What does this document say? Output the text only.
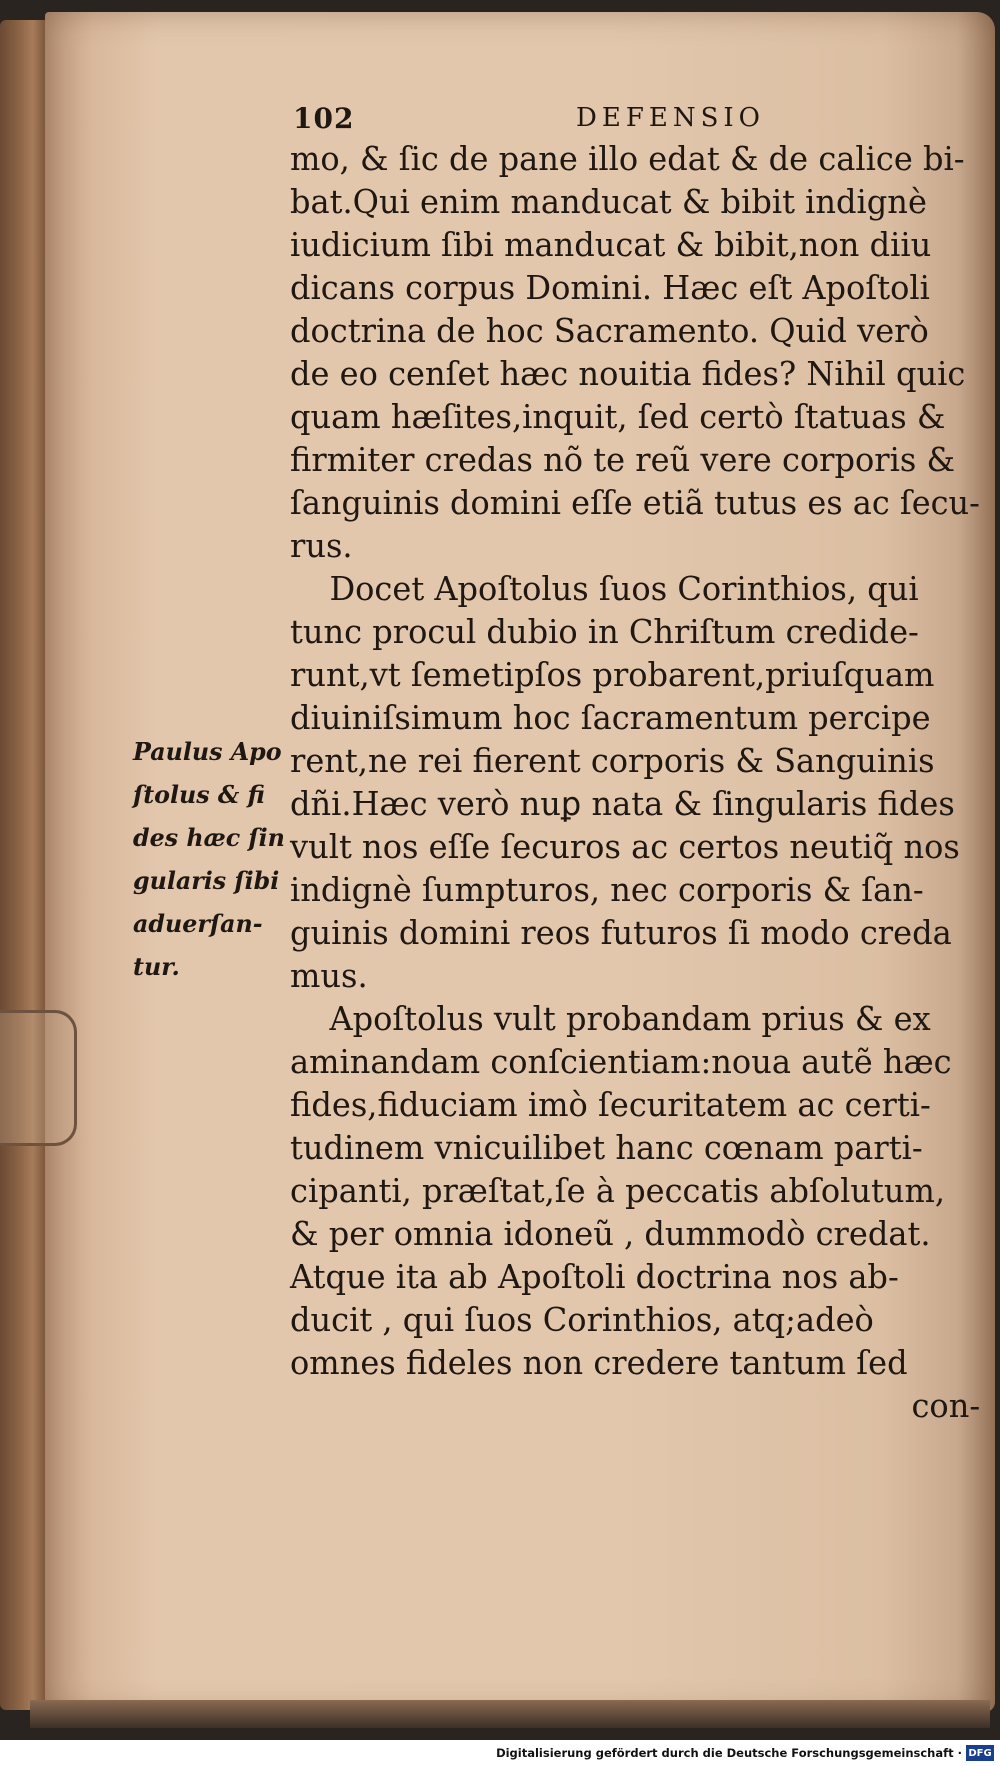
102	DEFENSIO
mo, & ſic de pane illo edat & de calice bi-
bat.Qui enim manducat & bibit indignè
iudicium ſibi manducat & bibit,non diiu
dicans corpus Domini. Hæc eſt Apoſtoli
doctrina de hoc Sacramento. Quid verò
de eo cenſet hæc nouitia fides? Nihil quic
quam hæſites,inquit, ſed certò ſtatuas &
firmiter credas nõ te reũ vere corporis &
ſanguinis domini eſſe etiã tutus es ac ſecu-
rus.
Docet Apoſtolus ſuos Corinthios, qui
tunc procul dubio in Chriſtum credide-
runt,vt ſemetipſos probarent,priuſquam
diuiniſsimum hoc ſacramentum percipe
rent,ne rei fierent corporis & Sanguinis
dñi.Hæc verò nuꝑ nata & ſingularis fides
vult nos eſſe ſecuros ac certos neutiq̃ nos
indignè ſumpturos, nec corporis & ſan-
guinis domini reos futuros ſi modo creda
mus.
Apoſtolus vult probandam prius & ex
aminandam conſcientiam:noua autẽ hæc
fides,fiduciam imò ſecuritatem ac certi-
tudinem vnicuilibet hanc cœnam parti-
cipanti, præſtat,ſe à peccatis abſolutum,
& per omnia idoneũ , dummodò credat.
Atque ita ab Apoſtoli doctrina nos ab-
ducit , qui ſuos Corinthios, atq;adeò
omnes fideles non credere tantum ſed
con-
Paulus Apo
ſtolus & fi
des hæc ſin
gularis ſibi
aduerſan-
tur.
Digitalisierung gefördert durch die Deutsche Forschungsgemeinschaft · DFG
